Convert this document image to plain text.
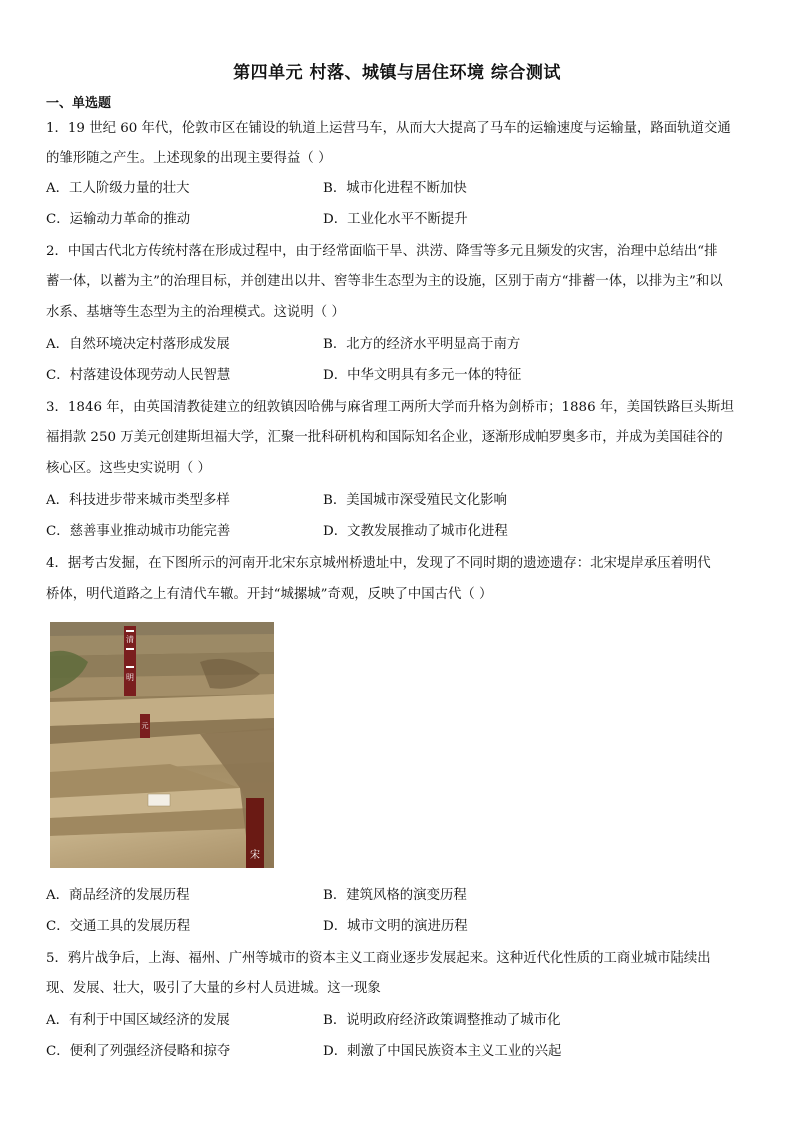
第四单元 村落、城镇与居住环境 综合测试
一、单选题
1．19 世纪 60 年代，伦敦市区在铺设的轨道上运营马车，从而大大提高了马车的运输速度与运输量，路面轨道交通
的雏形随之产生。上述现象的出现主要得益（ ）
A．工人阶级力量的壮大	B．城市化进程不断加快
C．运输动力革命的推动	D．工业化水平不断提升
2．中国古代北方传统村落在形成过程中，由于经常面临干旱、洪涝、降雪等多元且频发的灾害，治理中总结出“排
蓄一体，以蓄为主”的治理目标，并创建出以井、窖等非生态型为主的设施，区别于南方“排蓄一体，以排为主”和以
水系、基塘等生态型为主的治理模式。这说明（ ）
A．自然环境决定村落形成发展	B．北方的经济水平明显高于南方
C．村落建设体现劳动人民智慧	D．中华文明具有多元一体的特征
3．1846 年，由英国清教徒建立的纽敦镇因哈佛与麻省理工两所大学而升格为剑桥市；1886 年，美国铁路巨头斯坦
福捐款 250 万美元创建斯坦福大学，汇聚一批科研机构和国际知名企业，逐渐形成帕罗奥多市，并成为美国硅谷的
核心区。这些史实说明（ ）
A．科技进步带来城市类型多样	B．美国城市深受殖民文化影响
C．慈善事业推动城市功能完善	D．文教发展推动了城市化进程
4．据考古发掘，在下图所示的河南开北宋东京城州桥遗址中，发现了不同时期的遗迹遗存：北宋堤岸承压着明代
桥体，明代道路之上有清代车辙。开封“城摞城”奇观，反映了中国古代（ ）
清
明
元
宋
A．商品经济的发展历程	B．建筑风格的演变历程
C．交通工具的发展历程	D．城市文明的演进历程
5．鸦片战争后，上海、福州、广州等城市的资本主义工商业逐步发展起来。这种近代化性质的工商业城市陆续出
现、发展、壮大，吸引了大量的乡村人员进城。这一现象
A．有利于中国区域经济的发展	B．说明政府经济政策调整推动了城市化
C．便利了列强经济侵略和掠夺	D．刺激了中国民族资本主义工业的兴起
